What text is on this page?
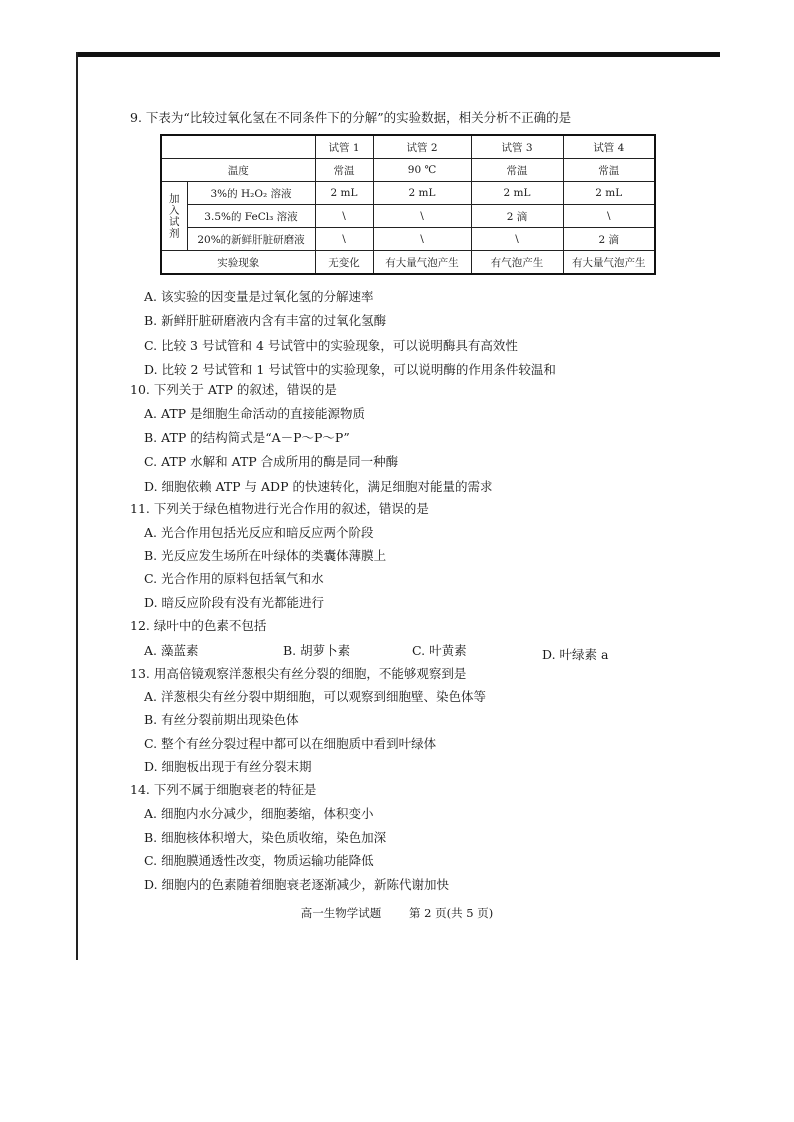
9. 下表为“比较过氧化氢在不同条件下的分解”的实验数据，相关分析不正确的是
		试管 1	试管 2	试管 3	试管 4
温度		常温	90 ℃	常温	常温
加入试剂	3%的 H₂O₂ 溶液	2 mL	2 mL	2 mL	2 mL
	3.5%的 FeCl₃ 溶液	\	\	2 滴	\
	20%的新鲜肝脏研磨液	\	\	\	2 滴
实验现象		无变化	有大量气泡产生	有气泡产生	有大量气泡产生
A. 该实验的因变量是过氧化氢的分解速率
B. 新鲜肝脏研磨液内含有丰富的过氧化氢酶
C. 比较 3 号试管和 4 号试管中的实验现象，可以说明酶具有高效性
D. 比较 2 号试管和 1 号试管中的实验现象，可以说明酶的作用条件较温和
10. 下列关于 ATP 的叙述，错误的是
A. ATP 是细胞生命活动的直接能源物质
B. ATP 的结构简式是“A－P～P～P”
C. ATP 水解和 ATP 合成所用的酶是同一种酶
D. 细胞依赖 ATP 与 ADP 的快速转化，满足细胞对能量的需求
11. 下列关于绿色植物进行光合作用的叙述，错误的是
A. 光合作用包括光反应和暗反应两个阶段
B. 光反应发生场所在叶绿体的类囊体薄膜上
C. 光合作用的原料包括氧气和水
D. 暗反应阶段有没有光都能进行
12. 绿叶中的色素不包括
A. 藻蓝素	B. 胡萝卜素	C. 叶黄素	D. 叶绿素 a
13. 用高倍镜观察洋葱根尖有丝分裂的细胞，不能够观察到是
A. 洋葱根尖有丝分裂中期细胞，可以观察到细胞壁、染色体等
B. 有丝分裂前期出现染色体
C. 整个有丝分裂过程中都可以在细胞质中看到叶绿体
D. 细胞板出现于有丝分裂末期
14. 下列不属于细胞衰老的特征是
A. 细胞内水分减少，细胞萎缩，体积变小
B. 细胞核体积增大，染色质收缩，染色加深
C. 细胞膜通透性改变，物质运输功能降低
D. 细胞内的色素随着细胞衰老逐渐减少，新陈代谢加快
高一生物学试题 第 2 页(共 5 页)
